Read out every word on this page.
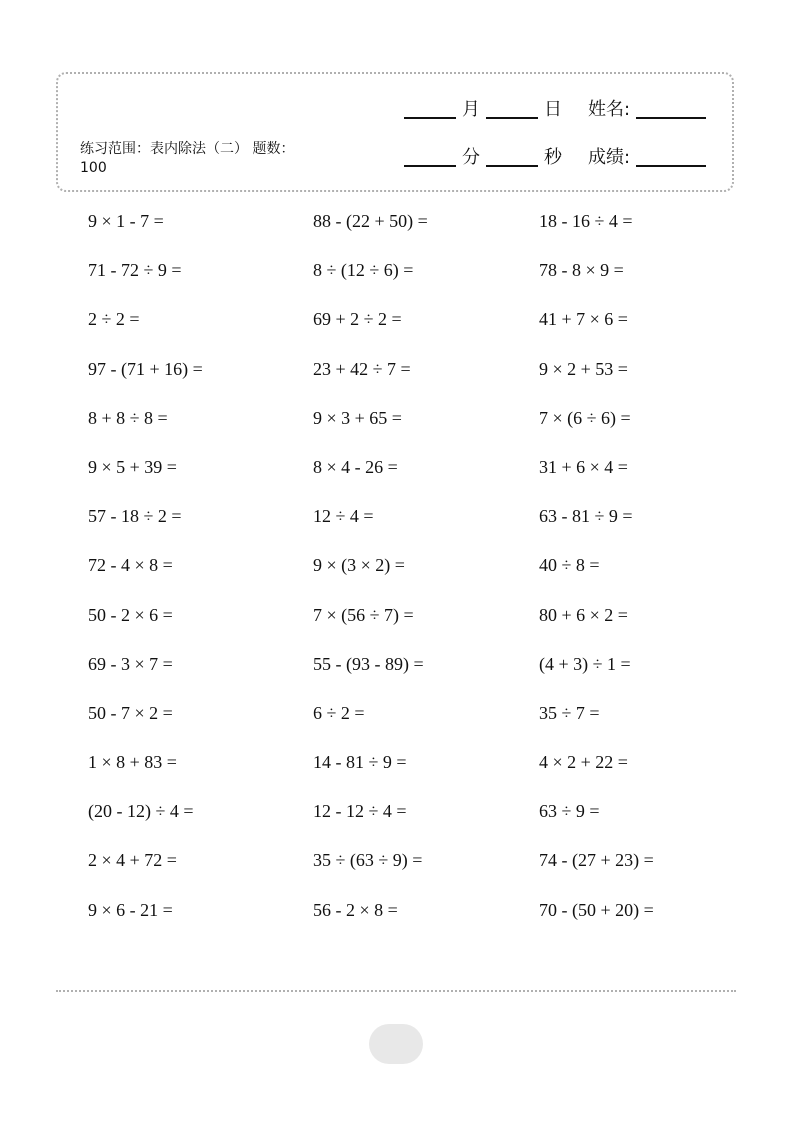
月	日 姓名:
分	秒 成绩:
练习范围：表内除法（二） 题数：100
9 × 1 - 7 =	88 - (22 + 50) =	18 - 16 ÷ 4 =
71 - 72 ÷ 9 =	8 ÷ (12 ÷ 6) =	78 - 8 × 9 =
2 ÷ 2 =	69 + 2 ÷ 2 =	41 + 7 × 6 =
97 - (71 + 16) =	23 + 42 ÷ 7 =	9 × 2 + 53 =
8 + 8 ÷ 8 =	9 × 3 + 65 =	7 × (6 ÷ 6) =
9 × 5 + 39 =	8 × 4 - 26 =	31 + 6 × 4 =
57 - 18 ÷ 2 =	12 ÷ 4 =	63 - 81 ÷ 9 =
72 - 4 × 8 =	9 × (3 × 2) =	40 ÷ 8 =
50 - 2 × 6 =	7 × (56 ÷ 7) =	80 + 6 × 2 =
69 - 3 × 7 =	55 - (93 - 89) =	(4 + 3) ÷ 1 =
50 - 7 × 2 =	6 ÷ 2 =	35 ÷ 7 =
1 × 8 + 83 =	14 - 81 ÷ 9 =	4 × 2 + 22 =
(20 - 12) ÷ 4 =	12 - 12 ÷ 4 =	63 ÷ 9 =
2 × 4 + 72 =	35 ÷ (63 ÷ 9) =	74 - (27 + 23) =
9 × 6 - 21 =	56 - 2 × 8 =	70 - (50 + 20) =
